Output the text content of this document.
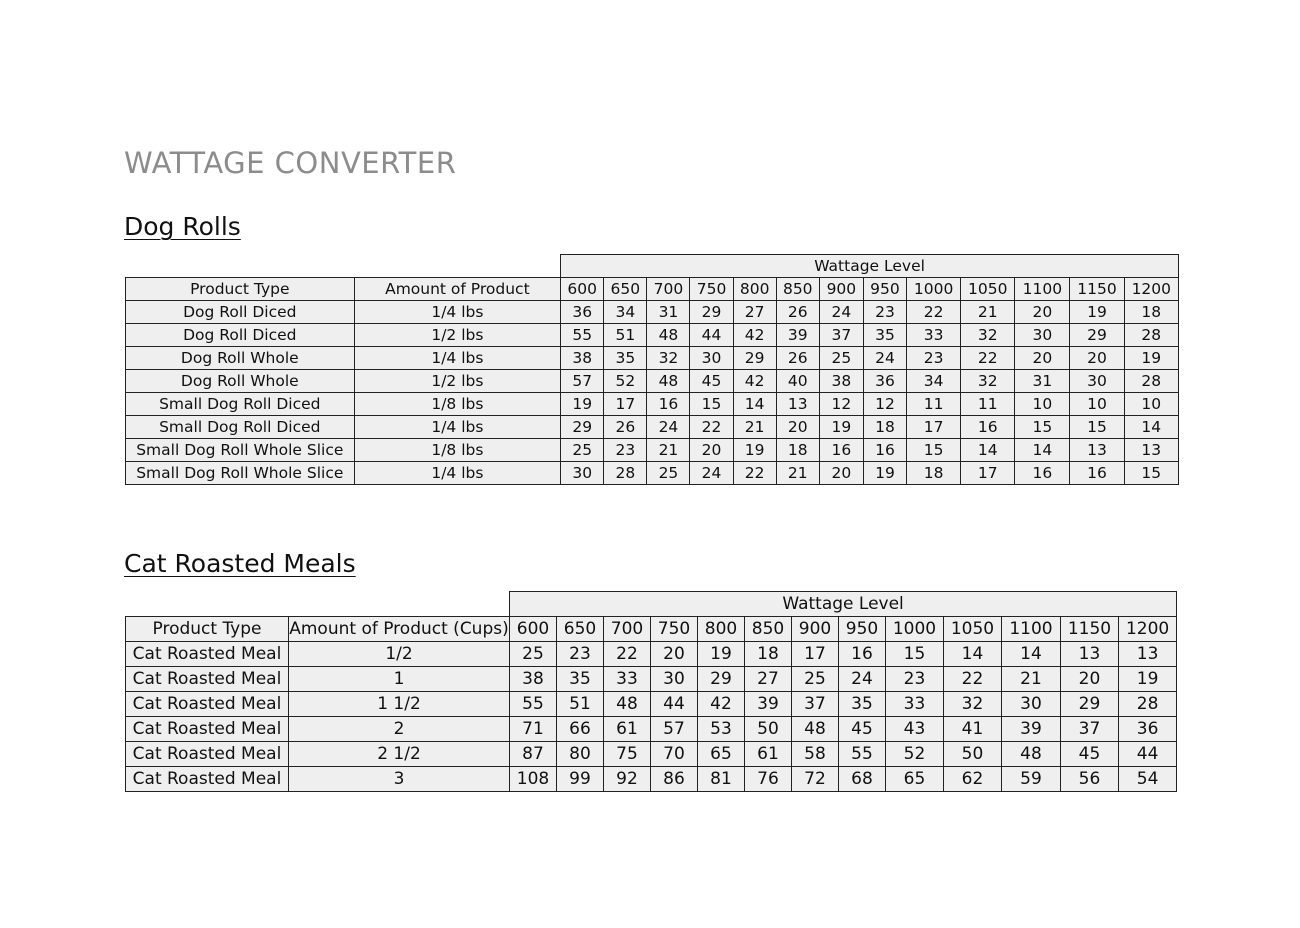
WATTAGE CONVERTER
Dog Rolls
		Wattage Level												
Product Type	Amount of Product	600	650	700	750	800	850	900	950	1000	1050	1100	1150	1200
Dog Roll Diced	1/4 lbs	36	34	31	29	27	26	24	23	22	21	20	19	18
Dog Roll Diced	1/2 lbs	55	51	48	44	42	39	37	35	33	32	30	29	28
Dog Roll Whole	1/4 lbs	38	35	32	30	29	26	25	24	23	22	20	20	19
Dog Roll Whole	1/2 lbs	57	52	48	45	42	40	38	36	34	32	31	30	28
Small Dog Roll Diced	1/8 lbs	19	17	16	15	14	13	12	12	11	11	10	10	10
Small Dog Roll Diced	1/4 lbs	29	26	24	22	21	20	19	18	17	16	15	15	14
Small Dog Roll Whole Slice	1/8 lbs	25	23	21	20	19	18	16	16	15	14	14	13	13
Small Dog Roll Whole Slice	1/4 lbs	30	28	25	24	22	21	20	19	18	17	16	16	15
Cat Roasted Meals
		Wattage Level												
Product Type	Amount of Product (Cups)	600	650	700	750	800	850	900	950	1000	1050	1100	1150	1200
Cat Roasted Meal	1/2	25	23	22	20	19	18	17	16	15	14	14	13	13
Cat Roasted Meal	1	38	35	33	30	29	27	25	24	23	22	21	20	19
Cat Roasted Meal	1 1/2	55	51	48	44	42	39	37	35	33	32	30	29	28
Cat Roasted Meal	2	71	66	61	57	53	50	48	45	43	41	39	37	36
Cat Roasted Meal	2 1/2	87	80	75	70	65	61	58	55	52	50	48	45	44
Cat Roasted Meal	3	108	99	92	86	81	76	72	68	65	62	59	56	54
